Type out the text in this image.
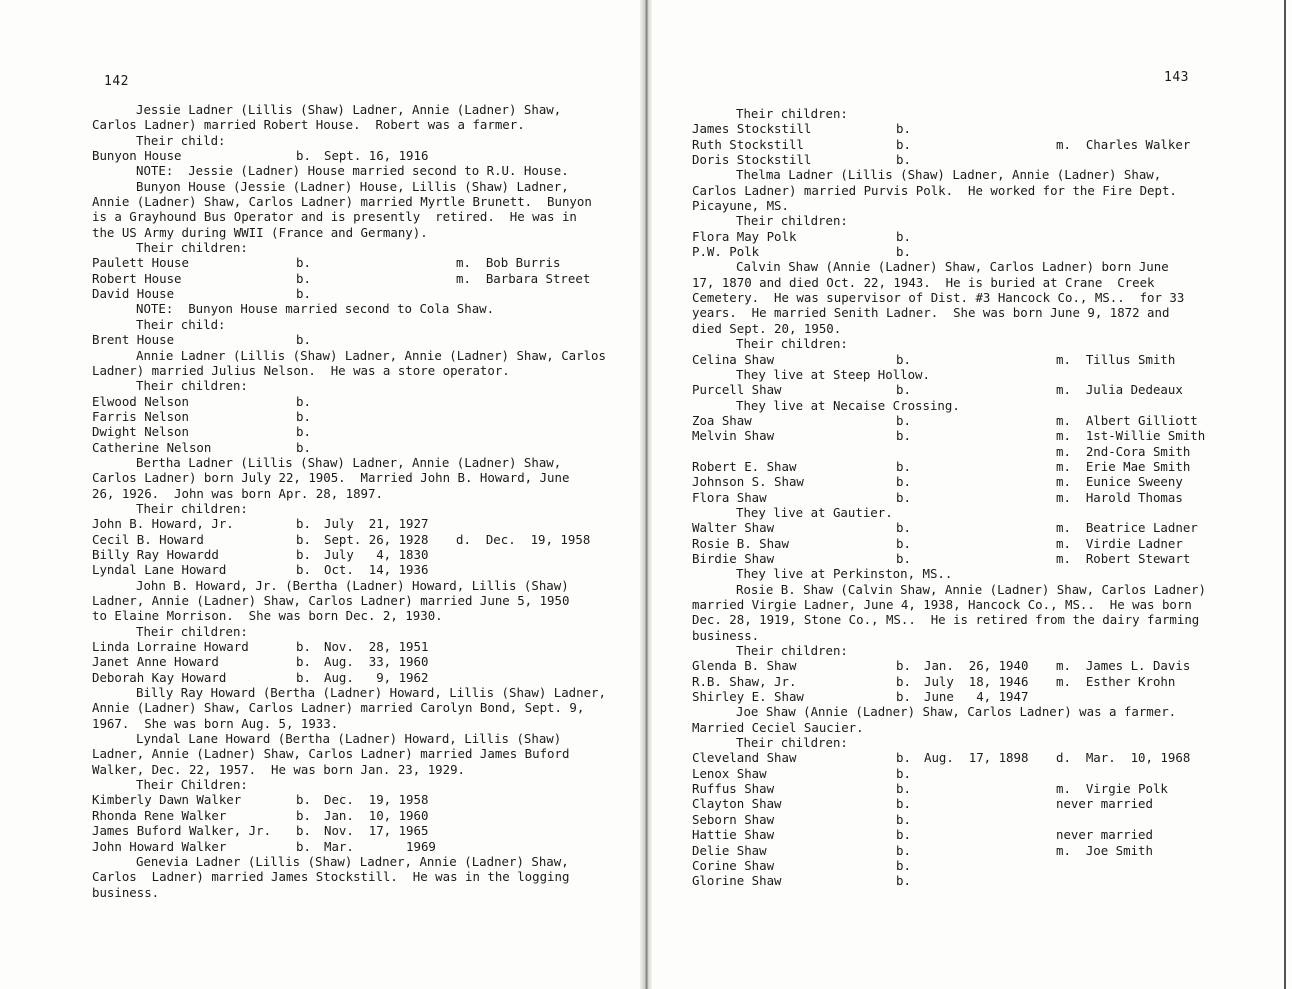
142
Jessie Ladner (Lillis (Shaw) Ladner, Annie (Ladner) Shaw,
Carlos Ladner) married Robert House.  Robert was a farmer.
Their child:
Bunyon House	b. Sept. 16, 1916
NOTE:  Jessie (Ladner) House married second to R.U. House.
Bunyon House (Jessie (Ladner) House, Lillis (Shaw) Ladner,
Annie (Ladner) Shaw, Carlos Ladner) married Myrtle Brunett.  Bunyon
is a Grayhound Bus Operator and is presently  retired.  He was in
the US Army during WWII (France and Germany).
Their children:
Paulett House	b.	m.  Bob Burris
Robert House	b.	m.  Barbara Street
David House	b.
NOTE:  Bunyon House married second to Cola Shaw.
Their child:
Brent House	b.
Annie Ladner (Lillis (Shaw) Ladner, Annie (Ladner) Shaw, Carlos
Ladner) married Julius Nelson.  He was a store operator.
Their children:
Elwood Nelson	b.
Farris Nelson	b.
Dwight Nelson	b.
Catherine Nelson	b.
Bertha Ladner (Lillis (Shaw) Ladner, Annie (Ladner) Shaw,
Carlos Ladner) born July 22, 1905.  Married John B. Howard, June
26, 1926.  John was born Apr. 28, 1897.
Their children:
John B. Howard, Jr.	b. July  21, 1927
Cecil B. Howard	b. Sept. 26, 1928 d.  Dec.  19, 1958
Billy Ray Howardd	b. July   4, 1830
Lyndal Lane Howard	b. Oct.  14, 1936
John B. Howard, Jr. (Bertha (Ladner) Howard, Lillis (Shaw)
Ladner, Annie (Ladner) Shaw, Carlos Ladner) married June 5, 1950
to Elaine Morrison.  She was born Dec. 2, 1930.
Their children:
Linda Lorraine Howard	b. Nov.  28, 1951
Janet Anne Howard	b. Aug.  33, 1960
Deborah Kay Howard	b. Aug.   9, 1962
Billy Ray Howard (Bertha (Ladner) Howard, Lillis (Shaw) Ladner,
Annie (Ladner) Shaw, Carlos Ladner) married Carolyn Bond, Sept. 9,
1967.  She was born Aug. 5, 1933.
Lyndal Lane Howard (Bertha (Ladner) Howard, Lillis (Shaw)
Ladner, Annie (Ladner) Shaw, Carlos Ladner) married James Buford
Walker, Dec. 22, 1957.  He was born Jan. 23, 1929.
Their Children:
Kimberly Dawn Walker	b. Dec.  19, 1958
Rhonda Rene Walker	b. Jan.  10, 1960
James Buford Walker, Jr. b. Nov.  17, 1965
John Howard Walker	b. Mar.       1969
Genevia Ladner (Lillis (Shaw) Ladner, Annie (Ladner) Shaw,
Carlos  Ladner) married James Stockstill.  He was in the logging
business.
143
Their children:
James Stockstill	b.
Ruth Stockstill	b.	m.  Charles Walker
Doris Stockstill	b.
Thelma Ladner (Lillis (Shaw) Ladner, Annie (Ladner) Shaw,
Carlos Ladner) married Purvis Polk.  He worked for the Fire Dept.
Picayune, MS.
Their children:
Flora May Polk	b.
P.W. Polk	b.
Calvin Shaw (Annie (Ladner) Shaw, Carlos Ladner) born June
17, 1870 and died Oct. 22, 1943.  He is buried at Crane  Creek
Cemetery.  He was supervisor of Dist. #3 Hancock Co., MS..  for 33
years.  He married Senith Ladner.  She was born June 9, 1872 and
died Sept. 20, 1950.
Their children:
Celina Shaw	b.	m.  Tillus Smith
They live at Steep Hollow.
Purcell Shaw	b.	m.  Julia Dedeaux
They live at Necaise Crossing.
Zoa Shaw	b.	m.  Albert Gilliott
Melvin Shaw	b.	m.  1st-Willie Smith
m.  2nd-Cora Smith
Robert E. Shaw	b.	m.  Erie Mae Smith
Johnson S. Shaw	b.	m.  Eunice Sweeny
Flora Shaw	b.	m.  Harold Thomas
They live at Gautier.
Walter Shaw	b.	m.  Beatrice Ladner
Rosie B. Shaw	b.	m.  Virdie Ladner
Birdie Shaw	b.	m.  Robert Stewart
They live at Perkinston, MS..
Rosie B. Shaw (Calvin Shaw, Annie (Ladner) Shaw, Carlos Ladner)
married Virgie Ladner, June 4, 1938, Hancock Co., MS..  He was born
Dec. 28, 1919, Stone Co., MS..  He is retired from the dairy farming
business.
Their children:
Glenda B. Shaw	b. Jan.  26, 1940 m.  James L. Davis
R.B. Shaw, Jr.	b. July  18, 1946 m.  Esther Krohn
Shirley E. Shaw	b. June   4, 1947
Joe Shaw (Annie (Ladner) Shaw, Carlos Ladner) was a farmer.
Married Ceciel Saucier.
Their children:
Cleveland Shaw	b. Aug.  17, 1898 d.  Mar.  10, 1968
Lenox Shaw	b.
Ruffus Shaw	b.	m.  Virgie Polk
Clayton Shaw	b.	never married
Seborn Shaw	b.
Hattie Shaw	b.	never married
Delie Shaw	b.	m.  Joe Smith
Corine Shaw	b.
Glorine Shaw	b.
